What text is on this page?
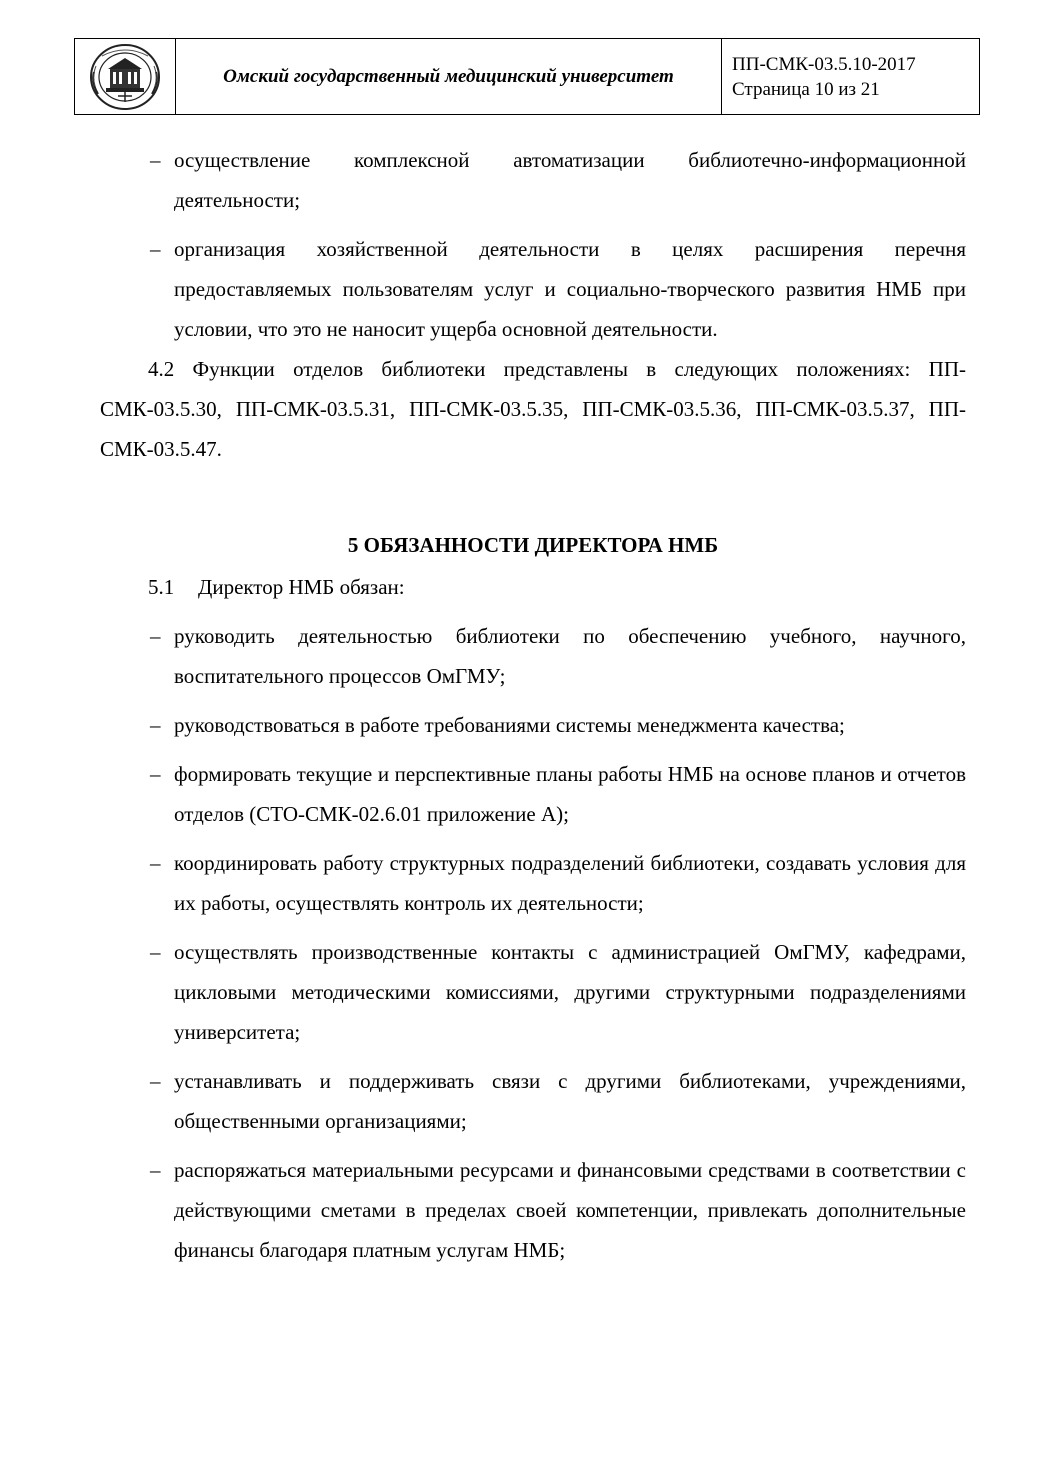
Омский государственный медицинский университет
ПП-СМК-03.5.10-2017
Страница 10 из 21
– осуществление комплексной автоматизации библиотечно-информационной деятельности;
– организация хозяйственной деятельности в целях расширения перечня предоставляемых пользователям услуг и социально-творческого развития НМБ при условии, что это не наносит ущерба основной деятельности.

4.2 Функции отделов библиотеки представлены в следующих положениях: ПП-СМК-03.5.30, ПП-СМК-03.5.31, ПП-СМК-03.5.35, ПП-СМК-03.5.36, ПП-СМК-03.5.37, ПП-СМК-03.5.47.

5 ОБЯЗАННОСТИ ДИРЕКТОРА НМБ
5.1 Директор НМБ обязан:
– руководить деятельностью библиотеки по обеспечению учебного, научного, воспитательного процессов ОмГМУ;
– руководствоваться в работе требованиями системы менеджмента качества;
– формировать текущие и перспективные планы работы НМБ на основе планов и отчетов отделов (СТО-СМК-02.6.01 приложение А);
– координировать работу структурных подразделений библиотеки, создавать условия для их работы, осуществлять контроль их деятельности;
– осуществлять производственные контакты с администрацией ОмГМУ, кафедрами, цикловыми методическими комиссиями, другими структурными подразделениями университета;
– устанавливать и поддерживать связи с другими библиотеками, учреждениями, общественными организациями;
– распоряжаться материальными ресурсами и финансовыми средствами в соответствии с действующими сметами в пределах своей компетенции, привлекать дополнительные финансы благодаря платным услугам НМБ;
